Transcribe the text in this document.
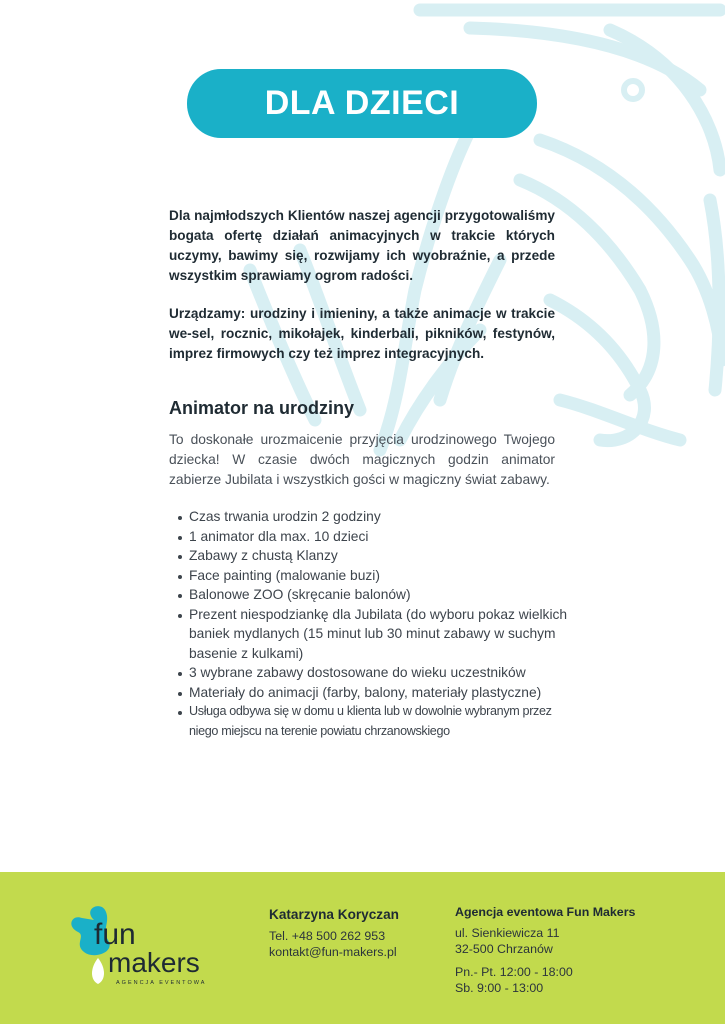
DLA DZIECI

Dla najmłodszych Klientów naszej agencji przygotowaliśmy bogata ofertę działań animacyjnych w trakcie których uczymy, bawimy się, rozwijamy ich wyobraźnie, a przede wszystkim sprawiamy ogrom radości.

Urządzamy: urodziny i imieniny, a także animacje w trakcie we-sel, rocznic, mikołajek, kinderbali, pikników, festynów, imprez firmowych czy też imprez integracyjnych.

Animator na urodziny

To doskonałe urozmaicenie przyjęcia urodzinowego Twojego dziecka! W czasie dwóch magicznych godzin animator zabierze Jubilata i wszystkich gości w magiczny świat zabawy.

Czas trwania urodzin 2 godziny
1 animator dla max. 10 dzieci
Zabawy z chustą Klanzy
Face painting (malowanie buzi)
Balonowe ZOO (skręcanie balonów)
Prezent niespodziankę dla Jubilata (do wyboru pokaz wielkich baniek mydlanych (15 minut lub 30 minut zabawy w suchym basenie z kulkami)
3 wybrane zabawy dostosowane do wieku uczestników
Materiały do animacji (farby, balony, materiały plastyczne)
Usługa odbywa się w domu u klienta lub w dowolnie wybranym przez niego miejscu na terenie powiatu chrzanowskiego
fun
makers
AGENCJA EVENTOWA
Katarzyna Koryczan
Tel. +48 500 262 953
kontakt@fun-makers.pl
Agencja eventowa Fun Makers
ul. Sienkiewicza 11
32-500 Chrzanów
Pn.- Pt. 12:00 - 18:00
Sb. 9:00 - 13:00
